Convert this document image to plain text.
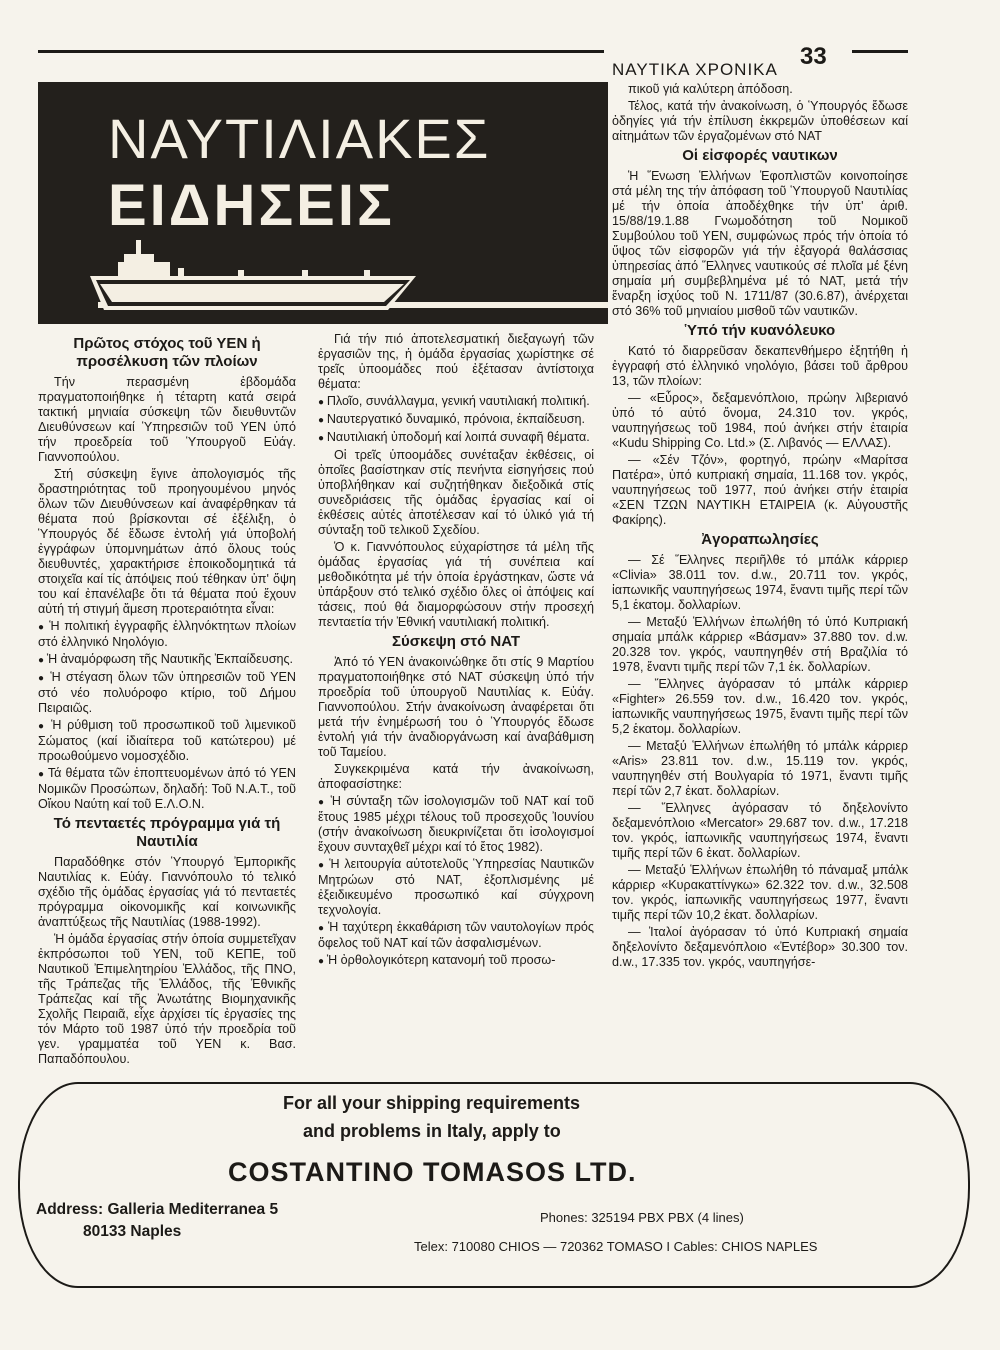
ΝΑΥΤΙΚΑ ΧΡΟΝΙΚΑ 33
ΝΑΥΤΙΛΙΑΚΕΣ
ΕΙΔΗΣΕΙΣ
Πρῶτος στόχος τοῦ ΥΕΝ ἡ προσέλκυση τῶν πλοίων

Τήν περασμένη ἑβδομάδα πραγματοποιήθηκε ἡ τέταρτη κατά σειρά τακτική μηνιαία σύσκεψη τῶν διευθυντῶν Διευθύνσεων καί Ὑπηρεσιῶν τοῦ ΥΕΝ ὑπό τήν προεδρεία τοῦ Ὑπουργοῦ Εὐάγ. Γιαννοπούλου.

Στή σύσκεψη ἔγινε ἀπολογισμός τῆς δραστηριότητας τοῦ προηγουμένου μηνός ὅλων τῶν Διευθύνσεων καί ἀναφέρθηκαν τά θέματα πού βρίσκονται σέ ἐξέλιξη, ὁ Ὑπουργός δέ ἔδωσε ἐντολή γιά ὑποβολή ἐγγράφων ὑπομνημάτων ἀπό ὅλους τούς διευθυντές, χαρακτήρισε ἐποικοδομητικά τά στοιχεῖα καί τίς ἀπόψεις πού τέθηκαν ὑπ' ὄψη του καί ἐπανέλαβε ὅτι τά θέματα πού ἔχουν αὐτή τή στιγμή ἄμεση προτεραιότητα εἶναι:

● Ἡ πολιτική ἐγγραφῆς ἑλληνόκτητων πλοίων στό ἑλληνικό Νηολόγιο.

● Ἡ ἀναμόρφωση τῆς Ναυτικῆς Ἐκπαίδευσης.

● Ἡ στέγαση ὅλων τῶν ὑπηρεσιῶν τοῦ ΥΕΝ στό νέο πολυόροφο κτίριο, τοῦ Δήμου Πειραιῶς.

● Ἡ ρύθμιση τοῦ προσωπικοῦ τοῦ λιμενικοῦ Σώματος (καί ἰδιαίτερα τοῦ κατώτερου) μέ προωθούμενο νομοσχέδιο.

● Τά θέματα τῶν ἐποπτευομένων ἀπό τό ΥΕΝ Νομικῶν Προσώπων, δηλαδή: Τοῦ Ν.Α.Τ., τοῦ Οἴκου Ναύτη καί τοῦ Ε.Λ.Ο.Ν.

Τό πενταετές πρόγραμμα γιά τή Ναυτιλία

Παραδόθηκε στόν Ὑπουργό Ἐμπορικῆς Ναυτιλίας κ. Εὐάγ. Γιαννόπουλο τό τελικό σχέδιο τῆς ὁμάδας ἐργασίας γιά τό πενταετές πρόγραμμα οἰκονομικῆς καί κοινωνικῆς ἀναπτύξεως τῆς Ναυτιλίας (1988-1992).

Ἡ ὁμάδα ἐργασίας στήν ὁποία συμμετεῖχαν ἐκπρόσωποι τοῦ ΥΕΝ, τοῦ ΚΕΠΕ, τοῦ Ναυτικοῦ Ἐπιμελητηρίου Ἑλλάδος, τῆς ΠΝΟ, τῆς Τράπεζας τῆς Ἑλλάδος, τῆς Ἐθνικῆς Τράπεζας καί τῆς Ἀνωτάτης Βιομηχανικῆς Σχολῆς Πειραιᾶ, εἶχε ἀρχίσει τίς ἐργασίες της τόν Μάρτο τοῦ 1987 ὑπό τήν προεδρία τοῦ γεν. γραμματέα τοῦ ΥΕΝ κ. Βασ. Παπαδόπουλου.

Γιά τήν πιό ἀποτελεσματική διεξαγωγή τῶν ἐργασιῶν της, ἡ ὁμάδα ἐργασίας χωρίστηκε σέ τρεῖς ὑποομάδες πού ἐξέτασαν ἀντίστοιχα θέματα:

● Πλοῖο, συνάλλαγμα, γενική ναυτιλιακή πολιτική.

● Ναυτεργατικό δυναμικό, πρόνοια, ἐκπαίδευση.

● Ναυτιλιακή ὑποδομή καί λοιπά συναφῆ θέματα.

Οἱ τρεῖς ὑποομάδες συνέταξαν ἐκθέσεις, οἱ ὁποῖες βασίστηκαν στίς πενήντα εἰσηγήσεις πού ὑποβλήθηκαν καί συζητήθηκαν διεξοδικά στίς συνεδριάσεις τῆς ὁμάδας ἐργασίας καί οἱ ἐκθέσεις αὐτές ἀποτέλεσαν καί τό ὑλικό γιά τή σύνταξη τοῦ τελικοῦ Σχεδίου.

Ὁ κ. Γιαννόπουλος εὐχαρίστησε τά μέλη τῆς ὁμάδας ἐργασίας γιά τή συνέπεια καί μεθοδικότητα μέ τήν ὁποία ἐργάστηκαν, ὥστε νά ὑπάρξουν στό τελικό σχέδιο ὅλες οἱ ἀπόψεις καί τάσεις, πού θά διαμορφώσουν στήν προσεχή πενταετία τήν Ἐθνική ναυτιλιακή πολιτική.

Σύσκεψη στό ΝΑΤ

Ἀπό τό ΥΕΝ ἀνακοινώθηκε ὅτι στίς 9 Μαρτίου πραγματοποιήθηκε στό ΝΑΤ σύσκεψη ὑπό τήν προεδρία τοῦ ὑπουργοῦ Ναυτιλίας κ. Εὐάγ. Γιαννοπούλου. Στήν ἀνακοίνωση ἀναφέρεται ὅτι μετά τήν ἐνημέρωσή του ὁ Ὑπουργός ἔδωσε ἐντολή γιά τήν ἀναδιοργάνωση καί ἀναβάθμιση τοῦ Ταμείου.

Συγκεκριμένα κατά τήν ἀνακοίνωση, ἀποφασίστηκε:

● Ἡ σύνταξη τῶν ἰσολογισμῶν τοῦ ΝΑΤ καί τοῦ ἔτους 1985 μέχρι τέλους τοῦ προσεχοῦς Ἰουνίου (στήν ἀνακοίνωση διευκρινίζεται ὅτι ἰσολογισμοί ἔχουν συνταχθεῖ μέχρι καί τό ἔτος 1982).

● Ἡ λειτουργία αὐτοτελοῦς Ὑπηρεσίας Ναυτικῶν Μητρώων στό ΝΑΤ, ἐξοπλισμένης μέ ἐξειδικευμένο προσωπικό καί σύγχρονη τεχνολογία.

● Ἡ ταχύτερη ἐκκαθάριση τῶν ναυτολογίων πρός ὄφελος τοῦ ΝΑΤ καί τῶν ἀσφαλισμένων.

● Ἡ ὀρθολογικότερη κατανομή τοῦ προσω-

πικοῦ γιά καλύτερη ἀπόδοση.

Τέλος, κατά τήν ἀνακοίνωση, ὁ Ὑπουργός ἔδωσε ὁδηγίες γιά τήν ἐπίλυση ἐκκρεμῶν ὑποθέσεων καί αἰτημάτων τῶν ἐργαζομένων στό ΝΑΤ

Οἱ εἰσφορές ναυτικων

Ἡ Ἕνωση Ἑλλήνων Ἐφοπλιστῶν κοινοποίησε στά μέλη της τήν ἀπόφαση τοῦ Ὑπουργοῦ Ναυτιλίας μέ τήν ὁποία ἀποδέχθηκε τήν ὑπ' ἀριθ. 15/88/19.1.88 Γνωμοδότηση τοῦ Νομικοῦ Συμβούλου τοῦ ΥΕΝ, συμφώνως πρός τήν ὁποία τό ὕψος τῶν εἰσφορῶν γιά τήν ἐξαγορά θαλάσσιας ὑπηρεσίας ἀπό Ἕλληνες ναυτικούς σέ πλοῖα μέ ξένη σημαία μή συμβεβλημένα μέ τό ΝΑΤ, μετά τήν ἔναρξη ἰσχύος τοῦ Ν. 1711/87 (30.6.87), ἀνέρχεται στό 36% τοῦ μηνιαίου μισθοῦ τῶν ναυτικῶν.

Ὑπό τήν κυανόλευκο

Κατό τό διαρρεῦσαν δεκαπενθήμερο ἐξητήθη ἡ ἐγγραφή στό ἑλληνικό νηολόγιο, βάσει τοῦ ἄρθρου 13, τῶν πλοίων:

— «Εὖρος», δεξαμενόπλοιο, πρώην λιβεριανό ὑπό τό αὐτό ὄνομα, 24.310 τον. γκρός, ναυπηγήσεως τοῦ 1984, πού ἀνήκει στήν ἑταιρία «Kudu Shipping Co. Ltd.» (Σ. Λιβανός — ΕΛΛΑΣ).

— «Σέν Τζόν», φορτηγό, πρώην «Μαρίτσα Πατέρα», ὑπό κυπριακή σημαία, 11.168 τον. γκρός, ναυπηγήσεως τοῦ 1977, πού ἀνήκει στήν ἑταιρία «ΣΕΝ ΤΖΩΝ ΝΑΥΤΙΚΗ ΕΤΑΙΡΕΙΑ (κ. Αὐγουστῆς Φακίρης).

Ἀγοραπωλησίες

— Σέ Ἕλληνες περιῆλθε τό μπάλκ κάρριερ «Clivia» 38.011 τον. d.w., 20.711 τον. γκρός, ἰαπωνικῆς ναυπηγήσεως 1974, ἔναντι τιμῆς περί τῶν 5,1 ἑκατομ. δολλαρίων.

— Μεταξύ Ἑλλήνων ἐπωλήθη τό ὑπό Κυπριακή σημαία μπάλκ κάρριερ «Βάσμαν» 37.880 τον. d.w. 20.328 τον. γκρός, ναυπηγηθέν στή Βραζιλία τό 1978, ἔναντι τιμῆς περί τῶν 7,1 ἑκ. δολλαρίων.

— Ἕλληνες ἀγόρασαν τό μπάλκ κάρριερ «Fighter» 26.559 τον. d.w., 16.420 τον. γκρός, ἰαπωνικῆς ναυπηγήσεως 1975, ἔναντι τιμῆς περί τῶν 5,2 ἑκατομ. δολλαρίων.

— Μεταξύ Ἑλλήνων ἐπωλήθη τό μπάλκ κάρριερ «Aris» 23.811 τον. d.w., 15.119 τον. γκρός, ναυπηγηθέν στή Βουλγαρία τό 1971, ἔναντι τιμῆς περί τῶν 2,7 ἑκατ. δολλαρίων.

— Ἕλληνες ἀγόρασαν τό δηξελονίντο δεξαμενόπλοιο «Mercator» 29.687 τον. d.w., 17.218 τον. γκρός, ἰαπωνικῆς ναυπηγήσεως 1974, ἔναντι τιμῆς περί τῶν 6 ἑκατ. δολλαρίων.

— Μεταξύ Ἑλλήνων ἐπωλήθη τό πάναμαξ μπάλκ κάρριερ «Κυρακαττίνγκω» 62.322 τον. d.w., 32.508 τον. γκρός, ἰαπωνικῆς ναυπηγήσεως 1977, ἔναντι τιμῆς περί τῶν 10,2 ἑκατ. δολλαρίων.

— Ἰταλοί ἀγόρασαν τό ὑπό Κυπριακή σημαία δηξελονίντο δεξαμενόπλοιο «Ἐντέβορ» 30.300 τον. d.w., 17.335 τον. γκρός, ναυπηγήσε-

For all your shipping requirements
and problems in Italy, apply to
COSTANTINO TOMASOS LTD.
Address: Galleria Mediterranea 5
80133 Naples
Phones: 325194 PBX PBX (4 lines)
Telex: 710080 CHIOS — 720362 TOMASO I Cables: CHIOS NAPLES
